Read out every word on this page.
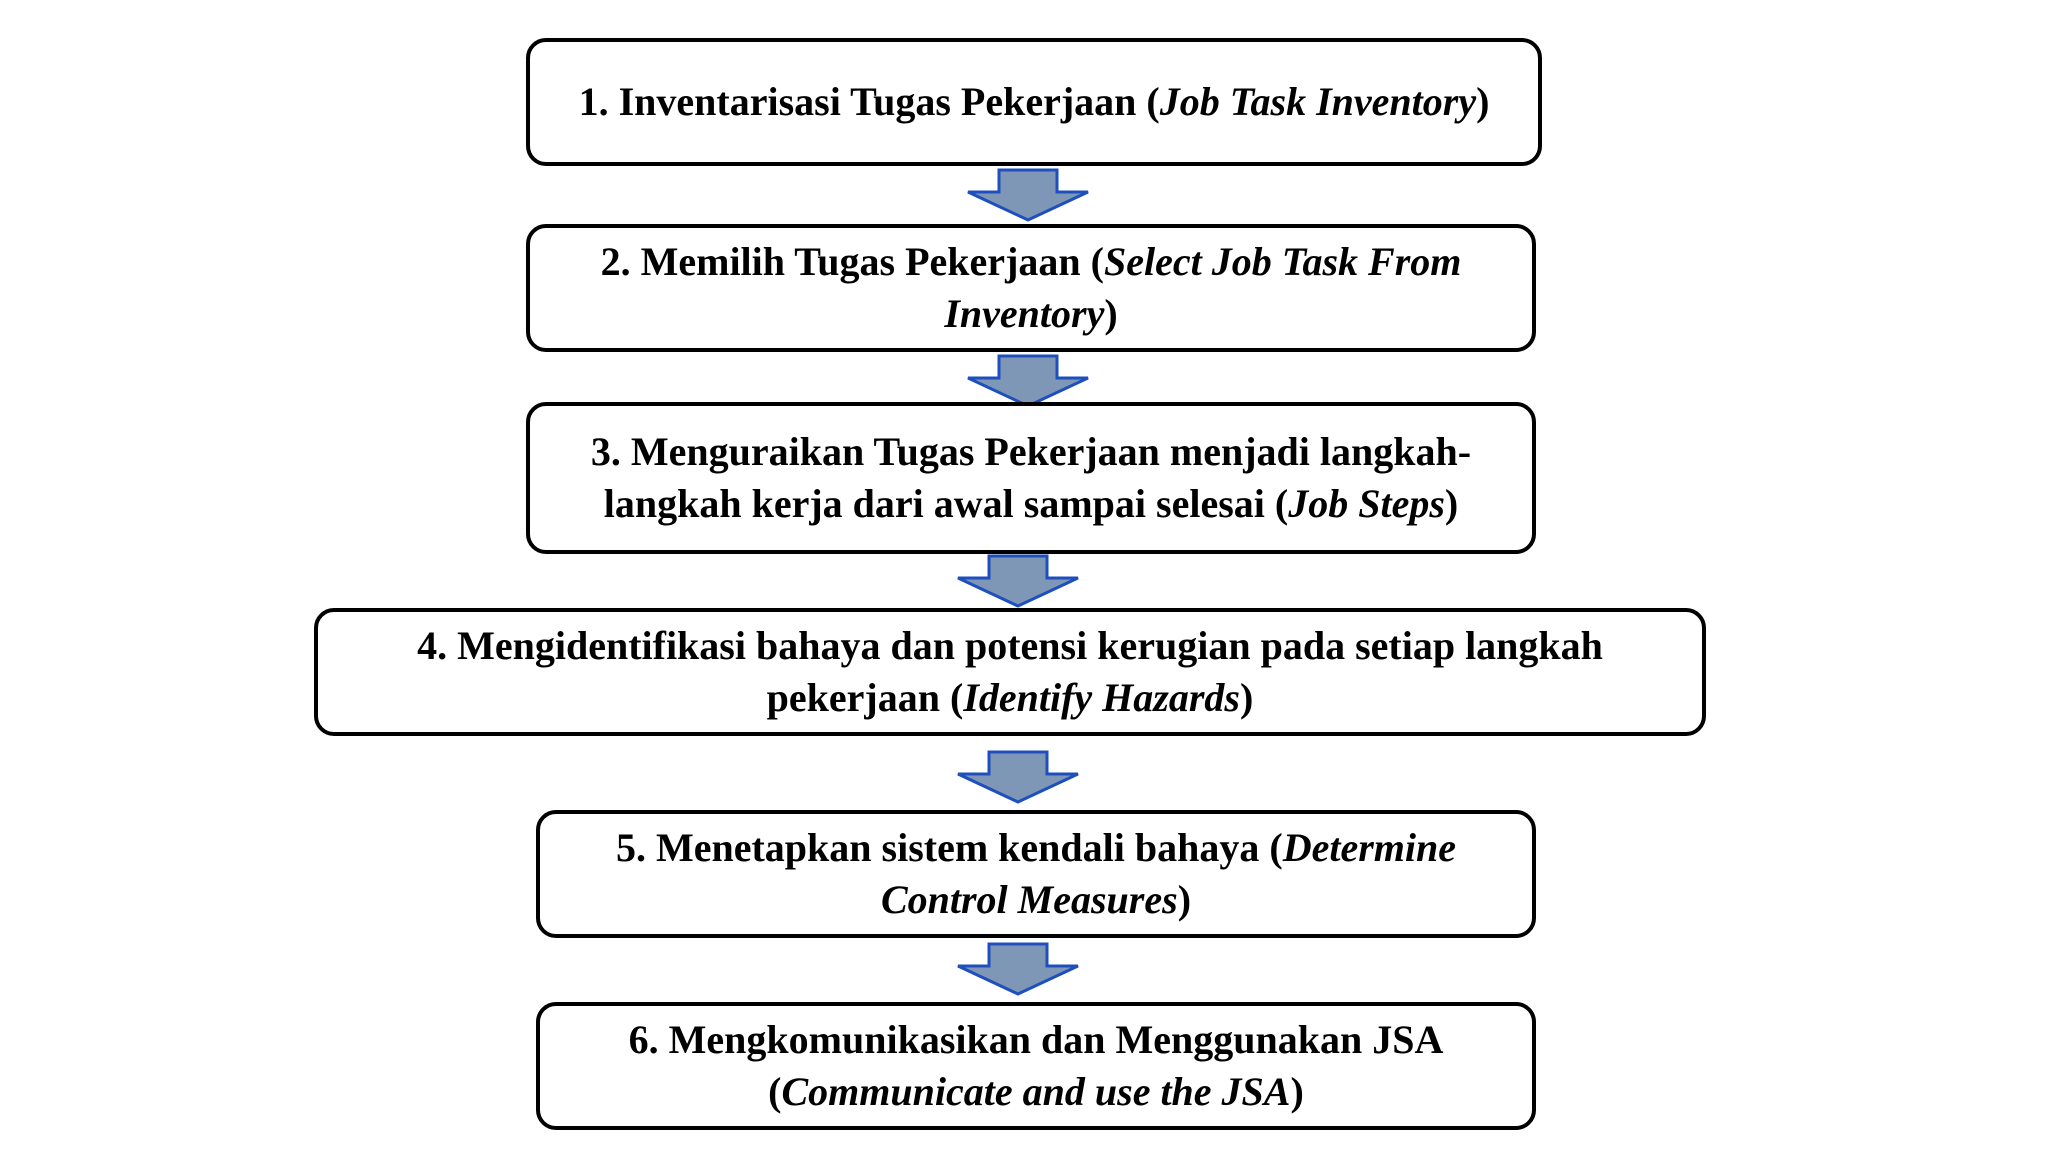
1. Inventarisasi Tugas Pekerjaan (Job Task Inventory)
2. Memilih Tugas Pekerjaan (Select Job Task From Inventory)
3. Menguraikan Tugas Pekerjaan menjadi langkah-langkah kerja dari awal sampai selesai (Job Steps)
4. Mengidentifikasi bahaya dan potensi kerugian pada setiap langkah pekerjaan (Identify Hazards)
5. Menetapkan sistem kendali bahaya (Determine Control Measures)
6. Mengkomunikasikan dan Menggunakan JSA (Communicate and use the JSA)
